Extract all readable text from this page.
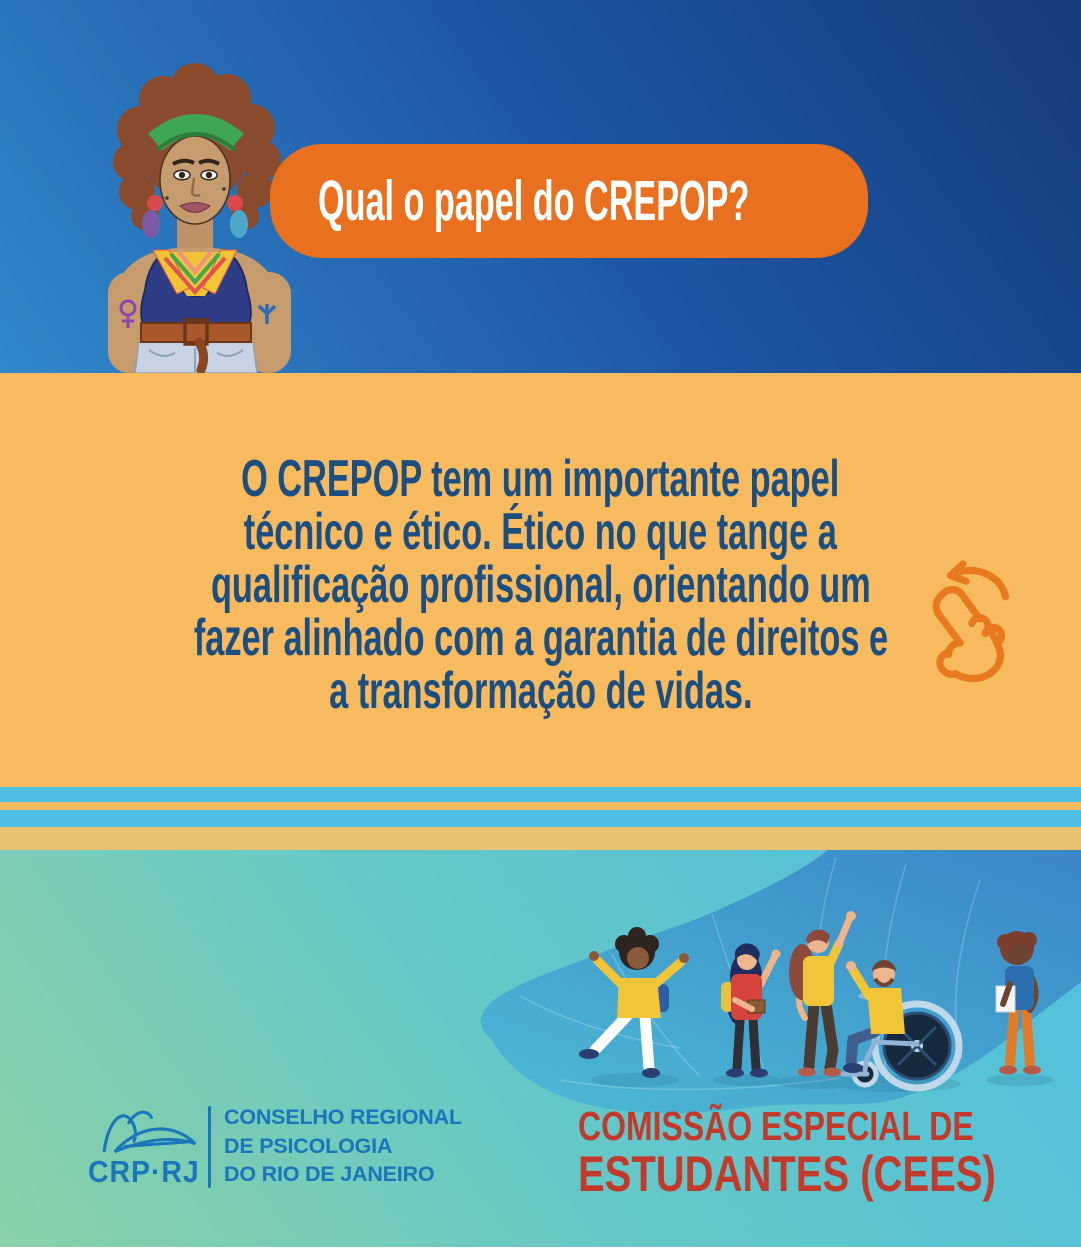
Qual o papel do CREPOP?
O CREPOP tem um importante papel
técnico e ético. Ético no que tange a
qualificação profissional, orientando um
fazer alinhado com a garantia de direitos e
a transformação de vidas.
CRP·RJ
CONSELHO REGIONAL
DE PSICOLOGIA
DO RIO DE JANEIRO
COMISSÃO ESPECIAL DE
ESTUDANTES (CEES)
